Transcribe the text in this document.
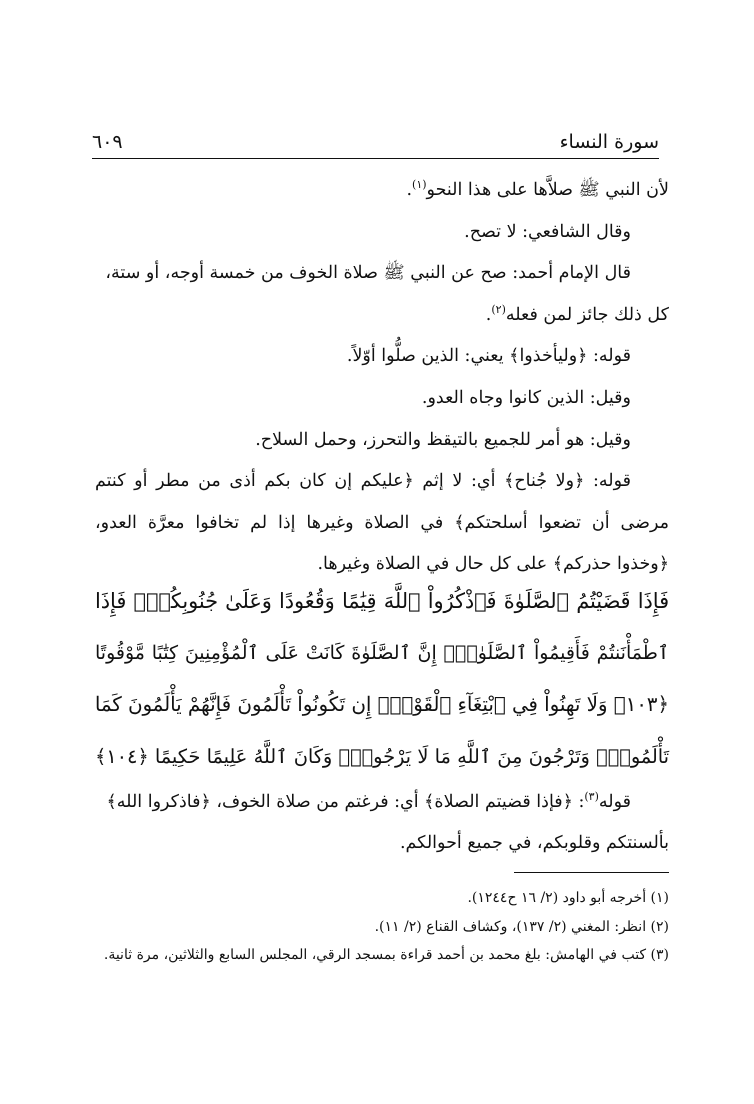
سورة النساء
٦٠٩

لأن النبي ﷺ صلاَّها على هذا النحو$^{(١)}$.

وقال الشافعي: لا تصح.

قال الإمام أحمد: صح عن النبي ﷺ صلاة الخوف من خمسة أوجه، أو ستة،

كل ذلك جائز لمن فعله$^{(٢)}$.

قوله: ﴿وليأخذوا﴾ يعني: الذين صلُّوا أوّلاً.

وقيل: الذين كانوا وجاه العدو.

وقيل: هو أمر للجميع بالتيقظ والتحرز، وحمل السلاح.

قوله: ﴿ولا جُناح﴾ أي: لا إثم ﴿عليكم إن كان بكم أذى من مطر أو كنتم

مرضى أن تضعوا أسلحتكم﴾ في الصلاة وغيرها إذا لم تخافوا معرَّة العدو،

﴿وخذوا حذركم﴾ على كل حال في الصلاة وغيرها.

فَإِذَا قَضَيْتُمُ ٱلصَّلَوٰةَ فَٱذْكُرُواْ ٱللَّهَ قِيَٰمًا وَقُعُودًا وَعَلَىٰ جُنُوبِكُمْۚ فَإِذَا

ٱطْمَأْنَنتُمْ فَأَقِيمُواْ ٱلصَّلَوٰةَۚ إِنَّ ٱلصَّلَوٰةَ كَانَتْ عَلَى ٱلْمُؤْمِنِينَ كِتَٰبًا مَّوْقُوتًا

﴿١٠٣﴾ وَلَا تَهِنُواْ فِي ٱبْتِغَآءِ ٱلْقَوْمِۖ إِن تَكُونُواْ تَأْلَمُونَ فَإِنَّهُمْ يَأْلَمُونَ كَمَا

تَأْلَمُونَۖ وَتَرْجُونَ مِنَ ٱللَّهِ مَا لَا يَرْجُونَۗ وَكَانَ ٱللَّهُ عَلِيمًا حَكِيمًا ﴿١٠٤﴾

قوله$^{(٣)}$: ﴿فإذا قضيتم الصلاة﴾ أي: فرغتم من صلاة الخوف، ﴿فاذكروا الله﴾

بألسنتكم وقلوبكم، في جميع أحوالكم.

(١) أخرجه أبو داود (٢/ ١٦ ح١٢٤٤).

(٢) انظر: المغني (٢/ ١٣٧)، وكشاف القناع (٢/ ١١).

(٣) كتب في الهامش: بلغ محمد بن أحمد قراءة بمسجد الرقي، المجلس السابع والثلاثين، مرة ثانية.
